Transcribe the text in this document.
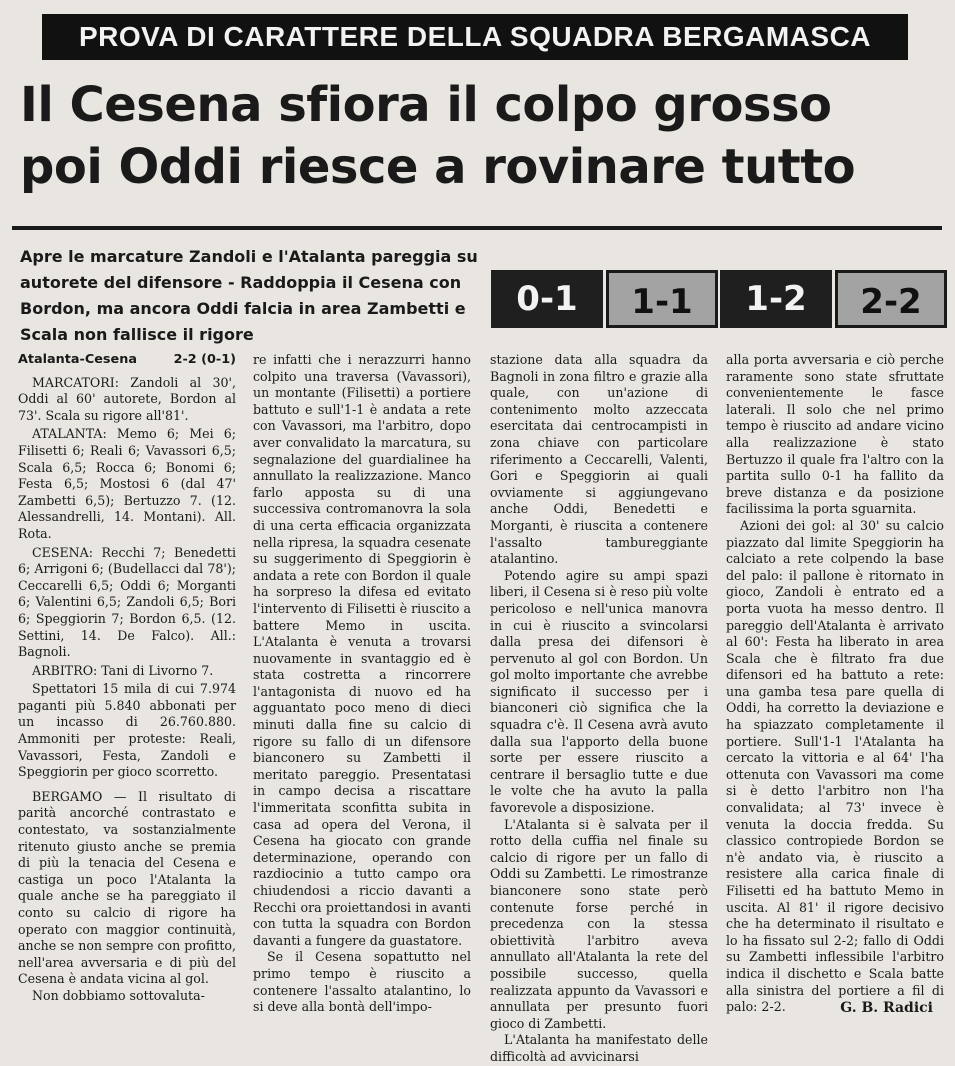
PROVA DI CARATTERE DELLA SQUADRA BERGAMASCA
Il Cesena sfiora il colpo grosso
poi Oddi riesce a rovinare tutto
Apre le marcature Zandoli e l'Atalanta pareggia su autorete del difensore - Raddoppia il Cesena con Bordon, ma ancora Oddi falcia in area Zambetti e Scala non fallisce il rigore
0-1	1-1	1-2	2-2

Atalanta-Cesena	2-2 (0-1)

MARCATORI: Zandoli al 30', Oddi al 60' autorete, Bordon al 73'. Scala su rigore all'81'.

ATALANTA: Memo 6; Mei 6; Filisetti 6; Reali 6; Vavassori 6,5; Scala 6,5; Rocca 6; Bonomi 6; Festa 6,5; Mostosi 6 (dal 47' Zambetti 6,5); Bertuzzo 7. (12. Alessandrelli, 14. Montani). All. Rota.

CESENA: Recchi 7; Benedetti 6; Arrigoni 6; (Budellacci dal 78'); Ceccarelli 6,5; Oddi 6; Morganti 6; Valentini 6,5; Zandoli 6,5; Bori 6; Speggiorin 7; Bordon 6,5. (12. Settini, 14. De Falco). All.: Bagnoli.

ARBITRO: Tani di Livorno 7.

Spettatori 15 mila di cui 7.974 paganti più 5.840 abbonati per un incasso di 26.760.880. Ammoniti per proteste: Reali, Vavassori, Festa, Zandoli e Speggiorin per gioco scorretto.

BERGAMO — Il risultato di parità ancorché contrastato e contestato, va sostanzialmente ritenuto giusto anche se premia di più la tenacia del Cesena e castiga un poco l'Atalanta la quale anche se ha pareggiato il conto su calcio di rigore ha operato con maggior continuità, anche se non sempre con profitto, nell'area avversaria e di più del Cesena è andata vicina al gol.

Non dobbiamo sottovaluta-

re infatti che i nerazzurri hanno colpito una traversa (Vavassori), un montante (Filisetti) a portiere battuto e sull'1-1 è andata a rete con Vavassori, ma l'arbitro, dopo aver convalidato la marcatura, su segnalazione del guardialinee ha annullato la realizzazione. Manco farlo apposta su di una successiva contromanovra la sola di una certa efficacia organizzata nella ripresa, la squadra cesenate su suggerimento di Speggiorin è andata a rete con Bordon il quale ha sorpreso la difesa ed evitato l'intervento di Filisetti è riuscito a battere Memo in uscita. L'Atalanta è venuta a trovarsi nuovamente in svantaggio ed è stata costretta a rincorrere l'antagonista di nuovo ed ha agguantato poco meno di dieci minuti dalla fine su calcio di rigore su fallo di un difensore bianconero su Zambetti il meritato pareggio. Presentatasi in campo decisa a riscattare l'immeritata sconfitta subita in casa ad opera del Verona, il Cesena ha giocato con grande determinazione, operando con razdiocinio a tutto campo ora chiudendosi a riccio davanti a Recchi ora proiettandosi in avanti con tutta la squadra con Bordon davanti a fungere da guastatore.

Se il Cesena sopattutto nel primo tempo è riuscito a contenere l'assalto atalantino, lo si deve alla bontà dell'impo-

stazione data alla squadra da Bagnoli in zona filtro e grazie alla quale, con un'azione di contenimento molto azzeccata esercitata dai centrocampisti in zona chiave con particolare riferimento a Ceccarelli, Valenti, Gori e Speggiorin ai quali ovviamente si aggiungevano anche Oddi, Benedetti e Morganti, è riuscita a contenere l'assalto tambureggiante atalantino.

Potendo agire su ampi spazi liberi, il Cesena si è reso più volte pericoloso e nell'unica manovra in cui è riuscito a svincolarsi dalla presa dei difensori è pervenuto al gol con Bordon. Un gol molto importante che avrebbe significato il successo per i bianconeri ciò significa che la squadra c'è. Il Cesena avrà avuto dalla sua l'apporto della buone sorte per essere riuscito a centrare il bersaglio tutte e due le volte che ha avuto la palla favorevole a disposizione.

L'Atalanta si è salvata per il rotto della cuffia nel finale su calcio di rigore per un fallo di Oddi su Zambetti. Le rimostranze bianconere sono state però contenute forse perché in precedenza con la stessa obiettività l'arbitro aveva annullato all'Atalanta la rete del possibile successo, quella realizzata appunto da Vavassori e annullata per presunto fuori gioco di Zambetti.

L'Atalanta ha manifestato delle difficoltà ad avvicinarsi

alla porta avversaria e ciò perche raramente sono state sfruttate convenientemente le fasce laterali. Il solo che nel primo tempo è riuscito ad andare vicino alla realizzazione è stato Bertuzzo il quale fra l'altro con la partita sullo 0-1 ha fallito da breve distanza e da posizione facilissima la porta sguarnita.

Azioni dei gol: al 30' su calcio piazzato dal limite Speggiorin ha calciato a rete colpendo la base del palo: il pallone è ritornato in gioco, Zandoli è entrato ed a porta vuota ha messo dentro. Il pareggio dell'Atalanta è arrivato al 60': Festa ha liberato in area Scala che è filtrato fra due difensori ed ha battuto a rete: una gamba tesa pare quella di Oddi, ha corretto la deviazione e ha spiazzato completamente il portiere. Sull'1-1 l'Atalanta ha cercato la vittoria e al 64' l'ha ottenuta con Vavassori ma come si è detto l'arbitro non l'ha convalidata; al 73' invece è venuta la doccia fredda. Su classico contropiede Bordon se n'è andato via, è riuscito a resistere alla carica finale di Filisetti ed ha battuto Memo in uscita. Al 81' il rigore decisivo che ha determinato il risultato e lo ha fissato sul 2-2; fallo di Oddi su Zambetti inflessibile l'arbitro indica il dischetto e Scala batte alla sinistra del portiere a fil di palo: 2-2.	G. B. Radici
